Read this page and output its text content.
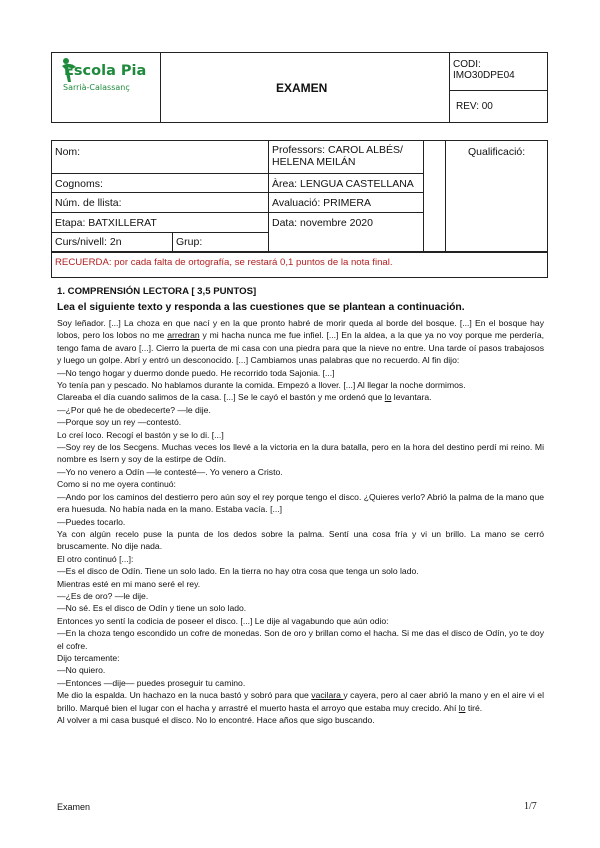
Escola Pia
Sarrià-Calassanç	EXAMEN
CODI:
IMO30DPE04
REV: 00
Nom:
Cognoms:
Núm. de llista:
Etapa: BATXILLERAT
Curs/nivell: 2n	Grup:
Professors: CAROL ALBÉS/
HELENA MEILÁN
Àrea: LENGUA CASTELLANA
Avaluació: PRIMERA
Data: novembre 2020
Qualificació:
RECUERDA: por cada falta de ortografía, se restará 0,1 puntos de la nota final.
1. COMPRENSIÓN LECTORA [ 3,5 PUNTOS]
Lea el siguiente texto y responda a las cuestiones que se plantean a continuación.

Soy leñador. [...] La choza en que nací y en la que pronto habré de morir queda al borde del bosque. [...] En el bosque hay lobos, pero los lobos no me arredran y mi hacha nunca me fue infiel. [...] En la aldea, a la que ya no voy porque me perdería, tengo fama de avaro [...]. Cierro la puerta de mi casa con una piedra para que la nieve no entre. Una tarde oí pasos trabajosos y luego un golpe. Abrí y entró un desconocido. [...] Cambiamos unas palabras que no recuerdo. Al fin dijo:

—No tengo hogar y duermo donde puedo. He recorrido toda Sajonia. [...]

Yo tenía pan y pescado. No hablamos durante la comida. Empezó a llover. [...] Al llegar la noche dormimos.

Clareaba el día cuando salimos de la casa. [...] Se le cayó el bastón y me ordenó que lo levantara.

—¿Por qué he de obedecerte? —le dije.

—Porque soy un rey —contestó.

Lo creí loco. Recogí el bastón y se lo di. [...]

—Soy rey de los Secgens. Muchas veces los llevé a la victoria en la dura batalla, pero en la hora del destino perdí mi reino. Mi nombre es Isern y soy de la estirpe de Odín.

—Yo no venero a Odín —le contesté—. Yo venero a Cristo.

Como si no me oyera continuó:

—Ando por los caminos del destierro pero aún soy el rey porque tengo el disco. ¿Quieres verlo? Abrió la palma de la mano que era huesuda. No había nada en la mano. Estaba vacía. [...]

—Puedes tocarlo.

Ya con algún recelo puse la punta de los dedos sobre la palma. Sentí una cosa fría y vi un brillo. La mano se cerró bruscamente. No dije nada.

El otro continuó [...]:

—Es el disco de Odín. Tiene un solo lado. En la tierra no hay otra cosa que tenga un solo lado.

Mientras esté en mi mano seré el rey.

—¿Es de oro? —le dije.

—No sé. Es el disco de Odín y tiene un solo lado.

Entonces yo sentí la codicia de poseer el disco. [...] Le dije al vagabundo que aún odio:

—En la choza tengo escondido un cofre de monedas. Son de oro y brillan como el hacha. Si me das el disco de Odín, yo te doy el cofre.

Dijo tercamente:

—No quiero.

—Entonces —dije— puedes proseguir tu camino.

Me dio la espalda. Un hachazo en la nuca bastó y sobró para que vacilara y cayera, pero al caer abrió la mano y en el aire vi el brillo. Marqué bien el lugar con el hacha y arrastré el muerto hasta el arroyo que estaba muy crecido. Ahí lo tiré.

Al volver a mi casa busqué el disco. No lo encontré. Hace años que sigo buscando.

Examen	1/7
